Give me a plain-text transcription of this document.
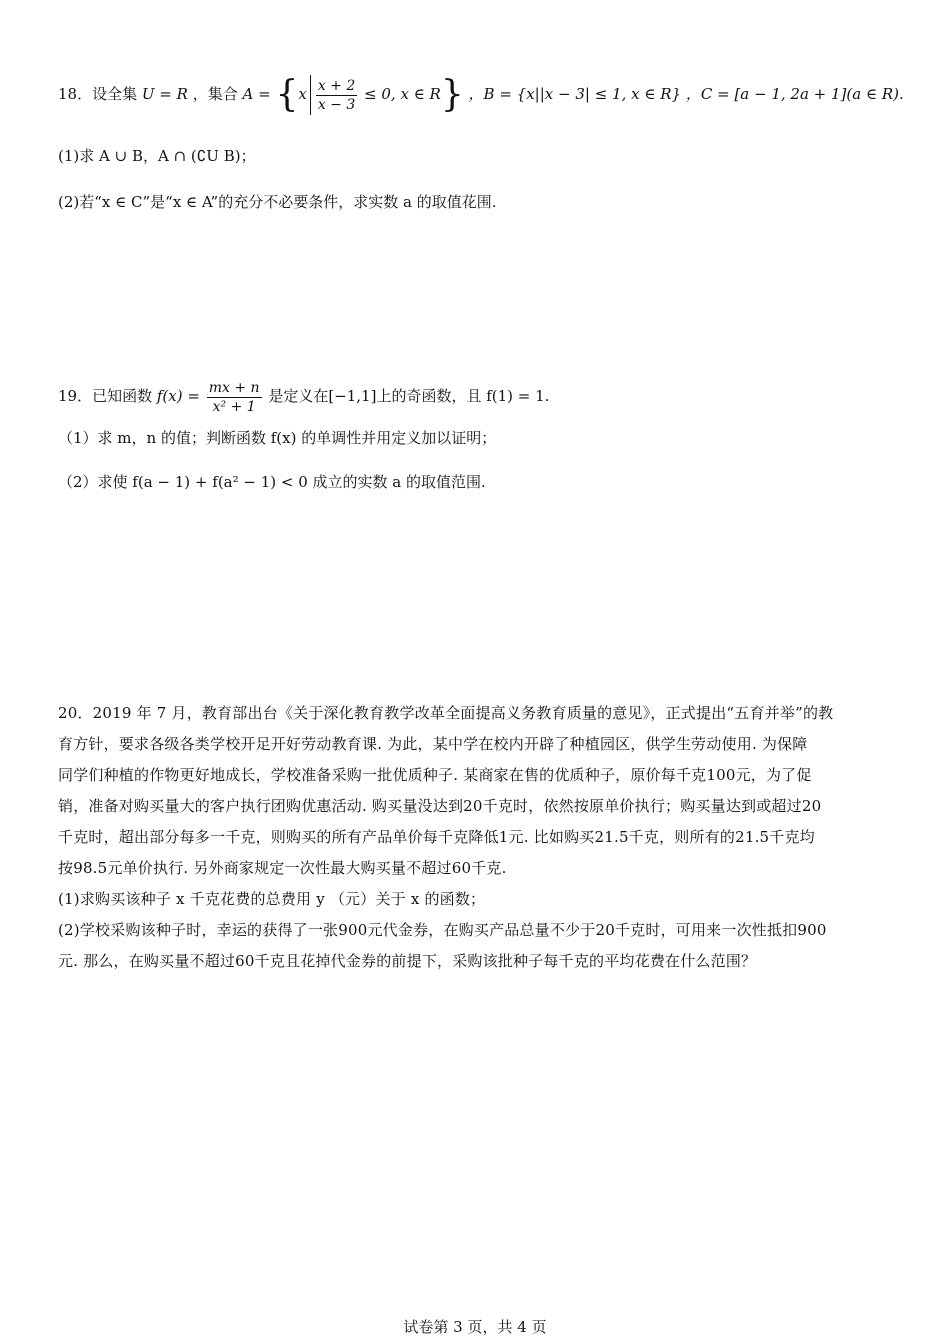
18．设全集 U = R ，集合 $A = \{x \frac{x + 2}{x - 3} \le 0$, x ∈ R} ，B = {x||x − 3| ≤ 1, x ∈ R} ，C = [a − 1, 2a + 1](a ∈ R).
(1)求 A ∪ B，A ∩ (∁U B)；
(2)若“x ∈ C”是“x ∈ A”的充分不必要条件，求实数 a 的取值花围.
19．已知函数 $f(x) = \frac{mx + n}{\text{x² + 1}}$ 是定义在[−1,1]上的奇函数，且 f(1) = 1.
（1）求 m，n 的值；判断函数 f(x) 的单调性并用定义加以证明；
（2）求使 f(a − 1) + f(a² − 1) < 0 成立的实数 a 的取值范围.
20．2019 年 7 月，教育部出台《关于深化教育教学改革全面提高义务教育质量的意见》，正式提出“五育并举”的教
育方针，要求各级各类学校开足开好劳动教育课. 为此，某中学在校内开辟了种植园区，供学生劳动使用. 为保障
同学们种植的作物更好地成长，学校准备采购一批优质种子. 某商家在售的优质种子，原价每千克100元，为了促
销，准备对购买量大的客户执行团购优惠活动. 购买量没达到20千克时，依然按原单价执行；购买量达到或超过20
千克时，超出部分每多一千克，则购买的所有产品单价每千克降低1元. 比如购买21.5千克，则所有的21.5千克均
按98.5元单价执行. 另外商家规定一次性最大购买量不超过60千克.
(1)求购买该种子 x 千克花费的总费用 y （元）关于 x 的函数；
(2)学校采购该种子时，幸运的获得了一张900元代金券，在购买产品总量不少于20千克时，可用来一次性抵扣900
元. 那么，在购买量不超过60千克且花掉代金券的前提下，采购该批种子每千克的平均花费在什么范围？
试卷第 3 页，共 4 页
